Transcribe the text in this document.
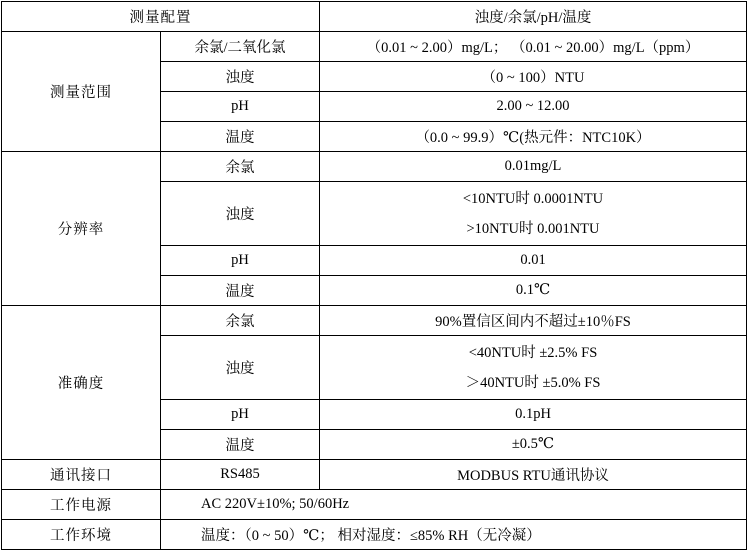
测量配置		浊度/余氯/pH/温度
测量范围	余氯/二氧化氯	（0.01 ~ 2.00）mg/L； （0.01 ~ 20.00）mg/L（ppm）
	浊度	（0 ~ 100）NTU
	pH	2.00 ~ 12.00
	温度	（0.0 ~ 99.9）℃(热元件：NTC10K）
分辨率	余氯	0.01mg/L
	浊度	<10NTU时 0.0001NTU
>10NTU时 0.001NTU

	pH	0.01
	温度	0.1℃
准确度	余氯	90%置信区间内不超过±10％FS
	浊度	<40NTU时 ±2.5% FS
＞40NTU时 ±5.0% FS

	pH	0.1pH
	温度	±0.5℃
通讯接口	RS485	MODBUS RTU通讯协议
工作电源	AC 220V±10%; 50/60Hz	
工作环境	温度：（0 ~ 50）℃； 相对湿度：≤85% RH（无冷凝）	
